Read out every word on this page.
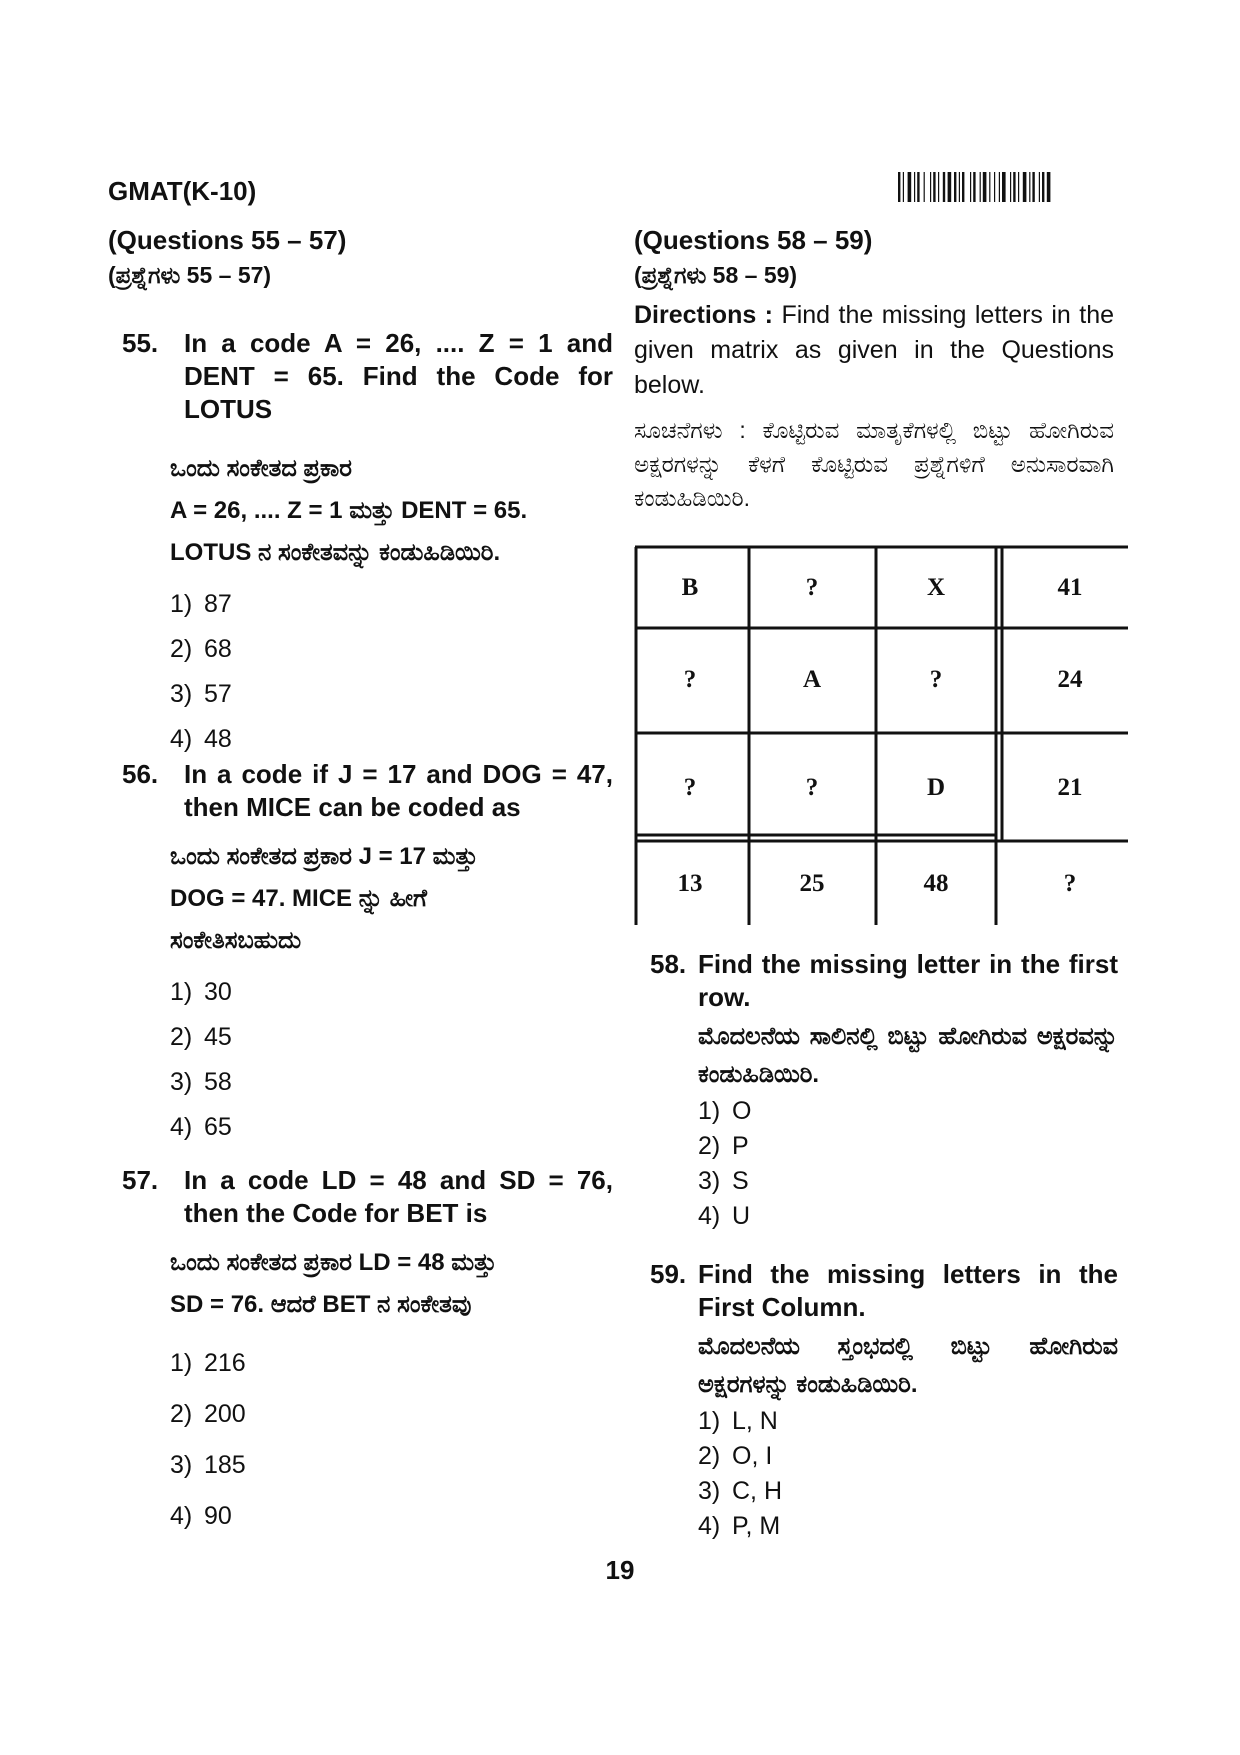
GMAT(K-10)

(Questions 55 – 57)

(ಪ್ರಶ್ನೆಗಳು 55 – 57)

55. In a code A = 26, .... Z = 1 and DENT = 65. Find the Code for LOTUS
ಒಂದು ಸಂಕೇತದ ಪ್ರಕಾರ
A = 26, .... Z = 1 ಮತ್ತು DENT = 65.
LOTUS ನ ಸಂಕೇತವನ್ನು ಕಂಡುಹಿಡಿಯಿರಿ.
1) 87
2) 68
3) 57
4) 48
56. In a code if J = 17 and DOG = 47, then MICE can be coded as
ಒಂದು ಸಂಕೇತದ ಪ್ರಕಾರ J = 17 ಮತ್ತು
DOG = 47. MICE ನ್ನು ಹೀಗೆ
ಸಂಕೇತಿಸಬಹುದು
1) 30
2) 45
3) 58
4) 65
57. In a code LD = 48 and SD = 76, then the Code for BET is
ಒಂದು ಸಂಕೇತದ ಪ್ರಕಾರ LD = 48 ಮತ್ತು
SD = 76. ಆದರೆ BET ನ ಸಂಕೇತವು
1) 216
2) 200
3) 185
4) 90

(Questions 58 – 59)

(ಪ್ರಶ್ನೆಗಳು 58 – 59)

Directions : Find the missing letters in the given matrix as given in the Questions below.

ಸೂಚನೆಗಳು : ಕೊಟ್ಟಿರುವ ಮಾತೃಕೆಗಳಲ್ಲಿ ಬಿಟ್ಟು ಹೋಗಿರುವ ಅಕ್ಷರಗಳನ್ನು ಕೆಳಗೆ ಕೊಟ್ಟಿರುವ ಪ್ರಶ್ನೆಗಳಿಗೆ ಅನುಸಾರವಾಗಿ ಕಂಡುಹಿಡಿಯಿರಿ.

B	?	X	41
?	A	?	24
?	?	D	21
13	25	48	?
58. Find the missing letter in the first row.
ಮೊದಲನೆಯ ಸಾಲಿನಲ್ಲಿ ಬಿಟ್ಟು ಹೋಗಿರುವ ಅಕ್ಷರವನ್ನು ಕಂಡುಹಿಡಿಯಿರಿ.
1) O
2) P
3) S
4) U
59. Find the missing letters in the First Column.
ಮೊದಲನೆಯ ಸ್ತಂಭದಲ್ಲಿ ಬಿಟ್ಟು ಹೋಗಿರುವ ಅಕ್ಷರಗಳನ್ನು ಕಂಡುಹಿಡಿಯಿರಿ.
1) L, N
2) O, I
3) C, H
4) P, M
19
